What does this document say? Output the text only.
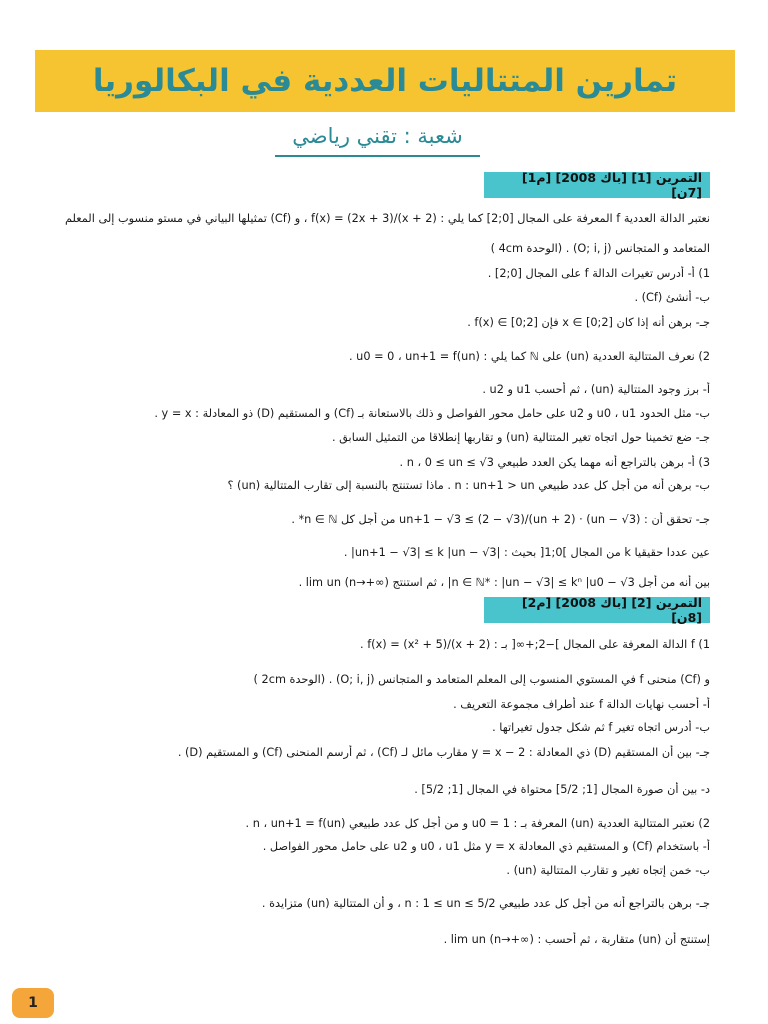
تمارين المتتاليات العددية في البكالوريا
شعبة : تقني رياضي
التمرين [1] [باك 2008] [م1] [7ن]
نعتبر الدالة العددية f المعرفة على المجال [0;2] كما يلي : f(x) = (2x + 3)/(x + 2) ، و (Cf) تمثيلها البياني في مستو منسوب إلى المعلم
المتعامد و المتجانس (O; i, j) . (الوحدة 4cm )
1) أ- أدرس تغيرات الدالة f على المجال [0;2] .
ب- أنشئ (Cf) .
جـ- برهن أنه إذا كان x ∈ [0;2] فإن f(x) ∈ [0;2] .
2) نعرف المتتالية العددية (un) على ℕ كما يلي : u0 = 0 ، un+1 = f(un) .
أ- برز وجود المتتالية (un) ، ثم أحسب u1 و u2 .
ب- مثل الحدود u0 ، u1 و u2 على حامل محور الفواصل و ذلك بالاستعانة بـ (Cf) و المستقيم (D) ذو المعادلة : y = x .
جـ- ضع تخمينا حول اتجاه تغير المتتالية (un) و تقاربها إنطلاقا من التمثيل السابق .
3) أ- برهن بالتراجع أنه مهما يكن العدد طبيعي n ، 0 ≤ un ≤ √3 .
ب- برهن أنه من أجل كل عدد طبيعي n : un+1 > un . ماذا تستنتج بالنسبة إلى تقارب المتتالية (un) ؟
جـ- تحقق أن : un+1 − √3 ≤ (2 − √3)/(un + 2) · (un − √3) من أجل كل n ∈ ℕ* .
عين عددا حقيقيا k من المجال ]0;1[ بحيث : |un+1 − √3| ≤ k |un − √3| .
بين أنه من أجل n ∈ ℕ* : |un − √3| ≤ kⁿ |u0 − √3| ، ثم استنتج lim un (n→+∞) .
التمرين [2] [باك 2008] [م2] [8ن]
1) f الدالة المعرفة على المجال ]−2;+∞[ بـ : f(x) = (x² + 5)/(x + 2) .
و (Cf) منحنى f في المستوي المنسوب إلى المعلم المتعامد و المتجانس (O; i, j) . (الوحدة 2cm )
أ- أحسب نهايات الدالة f عند أطراف مجموعة التعريف .
ب- أدرس اتجاه تغير f ثم شكل جدول تغيراتها .
جـ- بين أن المستقيم (D) ذي المعادلة : y = x − 2 مقارب مائل لـ (Cf) ، ثم أرسم المنحنى (Cf) و المستقيم (D) .
د- بين أن صورة المجال [1; 5/2] محتواة في المجال [1; 5/2] .
2) نعتبر المتتالية العددية (un) المعرفة بـ : u0 = 1 و من أجل كل عدد طبيعي n ، un+1 = f(un) .
أ- باستخدام (Cf) و المستقيم ذي المعادلة y = x مثل u0 ، u1 و u2 على حامل محور الفواصل .
ب- خمن إتجاه تغير و تقارب المتتالية (un) .
جـ- برهن بالتراجع أنه من أجل كل عدد طبيعي n : 1 ≤ un ≤ 5/2 ، و أن المتتالية (un) متزايدة .
إستنتج أن (un) متقاربة ، ثم أحسب : lim un (n→+∞) .
1
